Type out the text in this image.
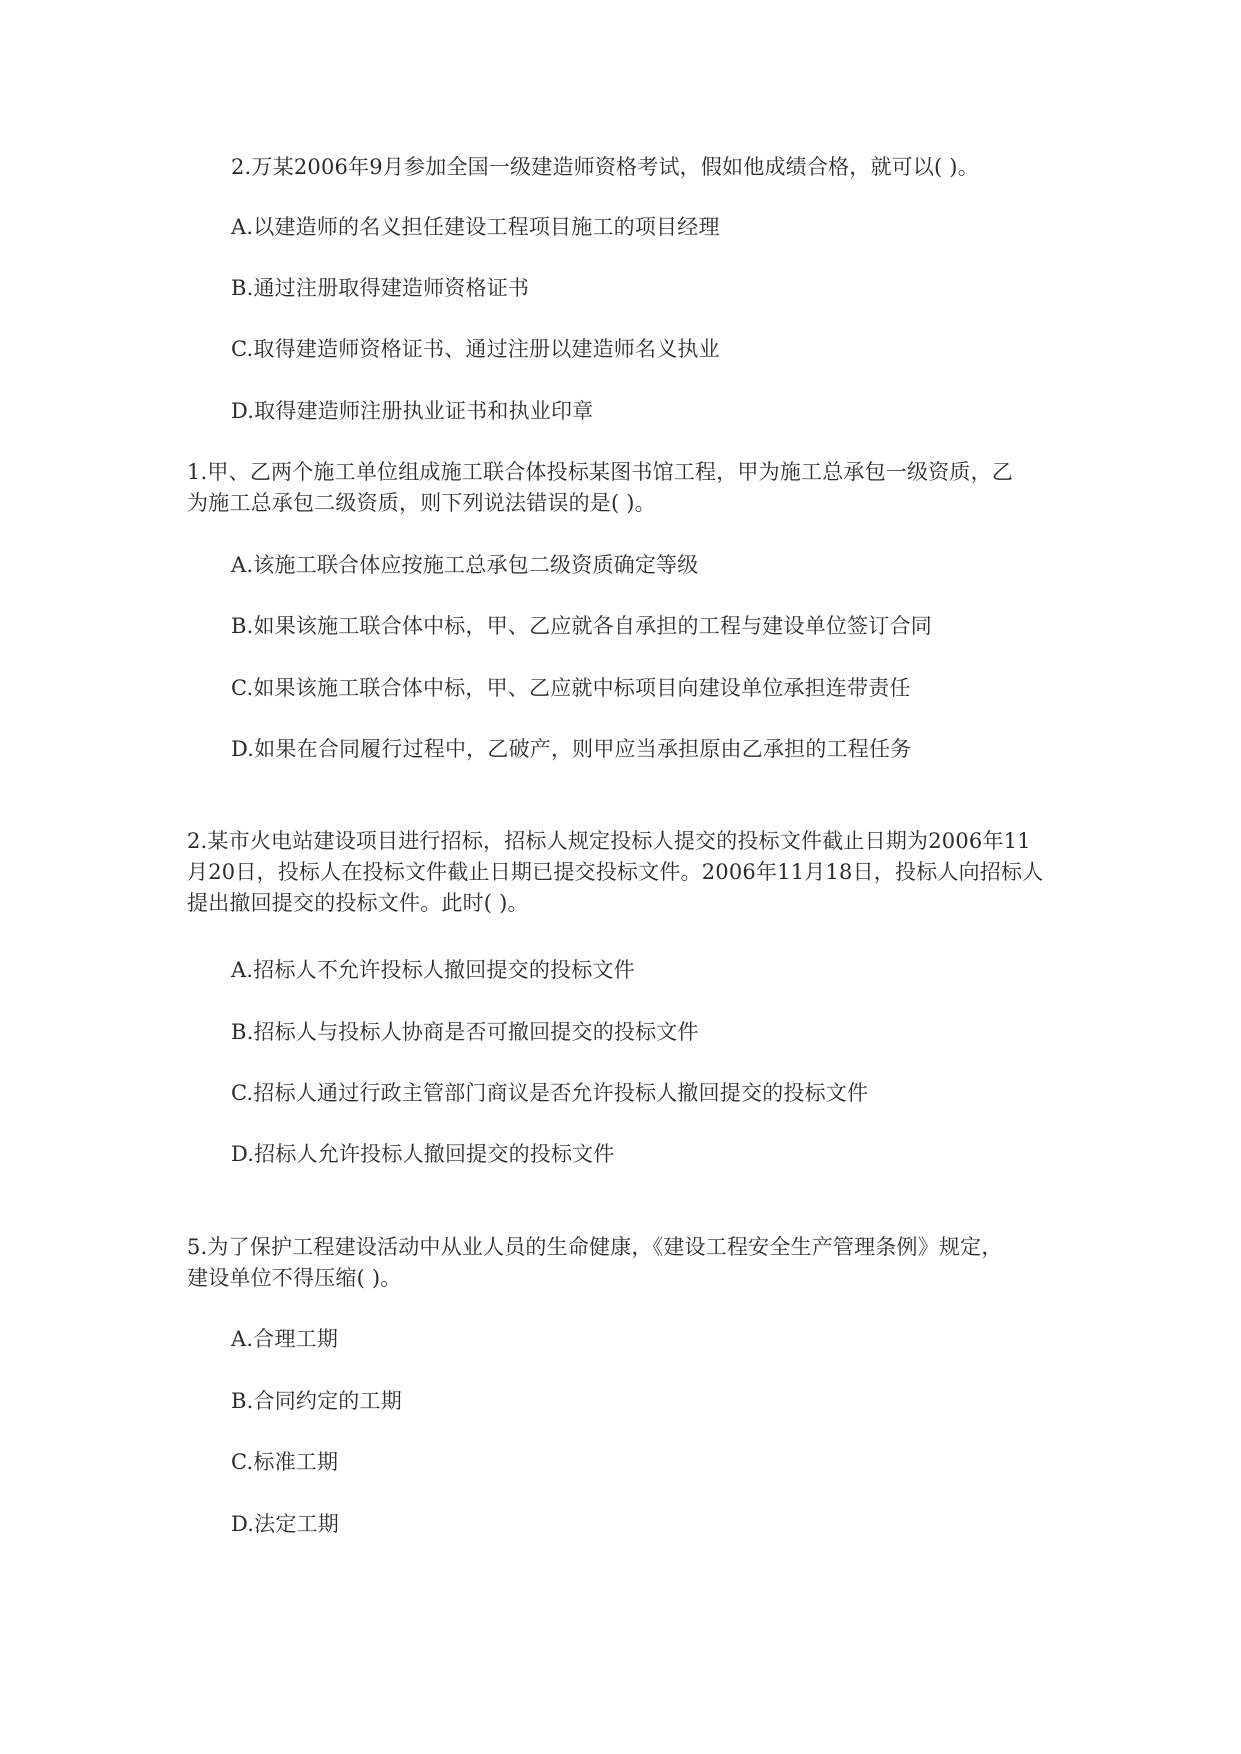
2.万某2006年9月参加全国一级建造师资格考试，假如他成绩合格，就可以( )。
A.以建造师的名义担任建设工程项目施工的项目经理
B.通过注册取得建造师资格证书
C.取得建造师资格证书、通过注册以建造师名义执业
D.取得建造师注册执业证书和执业印章
1.甲、乙两个施工单位组成施工联合体投标某图书馆工程，甲为施工总承包一级资质，乙
为施工总承包二级资质，则下列说法错误的是( )。
A.该施工联合体应按施工总承包二级资质确定等级
B.如果该施工联合体中标，甲、乙应就各自承担的工程与建设单位签订合同
C.如果该施工联合体中标，甲、乙应就中标项目向建设单位承担连带责任
D.如果在合同履行过程中，乙破产，则甲应当承担原由乙承担的工程任务
2.某市火电站建设项目进行招标，招标人规定投标人提交的投标文件截止日期为2006年11
月20日，投标人在投标文件截止日期已提交投标文件。2006年11月18日，投标人向招标人
提出撤回提交的投标文件。此时( )。
A.招标人不允许投标人撤回提交的投标文件
B.招标人与投标人协商是否可撤回提交的投标文件
C.招标人通过行政主管部门商议是否允许投标人撤回提交的投标文件
D.招标人允许投标人撤回提交的投标文件
5.为了保护工程建设活动中从业人员的生命健康，《建设工程安全生产管理条例》规定，
建设单位不得压缩( )。
A.合理工期
B.合同约定的工期
C.标准工期
D.法定工期
